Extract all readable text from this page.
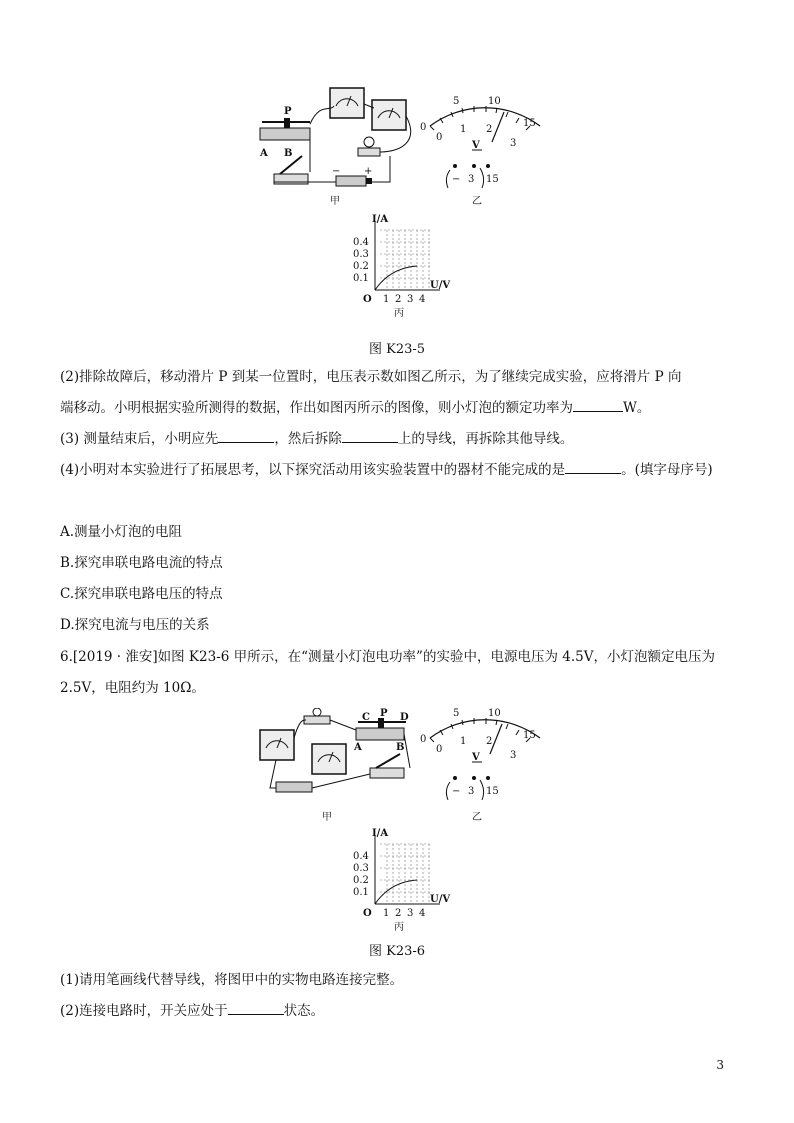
P
A B
− +
0
5	10
15
0
1 2
3
V
− 3 15
甲	乙
I/A
U/V
O
0.1
0.2
0.3
0.4
1 2 3 4
丙
图 K23-5

(2)排除故障后，移动滑片 P 到某一位置时，电压表示数如图乙所示，为了继续完成实验，应将滑片 P 向
端移动。小明根据实验所测得的数据，作出如图丙所示的图像，则小灯泡的额定功率为	W。

(3) 测量结束后，小明应先	，然后拆除	上的导线，再拆除其他导线。

(4)小明对本实验进行了拓展思考，以下探究活动用该实验装置中的器材不能完成的是	。(填字母序号)

A.测量小灯泡的电阻

B.探究串联电路电流的特点

C.探究串联电路电压的特点

D.探究电流与电压的关系

6.[2019 · 淮安]如图 K23-6 甲所示，在“测量小灯泡电功率”的实验中，电源电压为 4.5V，小灯泡额定电压为 2.5V，电阻约为 10Ω。

C P D
A	B
0
5	10
15
0
1 2
3
V
− 3 15
甲	乙
I/A
U/V
O
0.1
0.2
0.3
0.4
1 2 3 4
丙
图 K23-6

(1)请用笔画线代替导线，将图甲中的实物电路连接完整。

(2)连接电路时，开关应处于	状态。

3
